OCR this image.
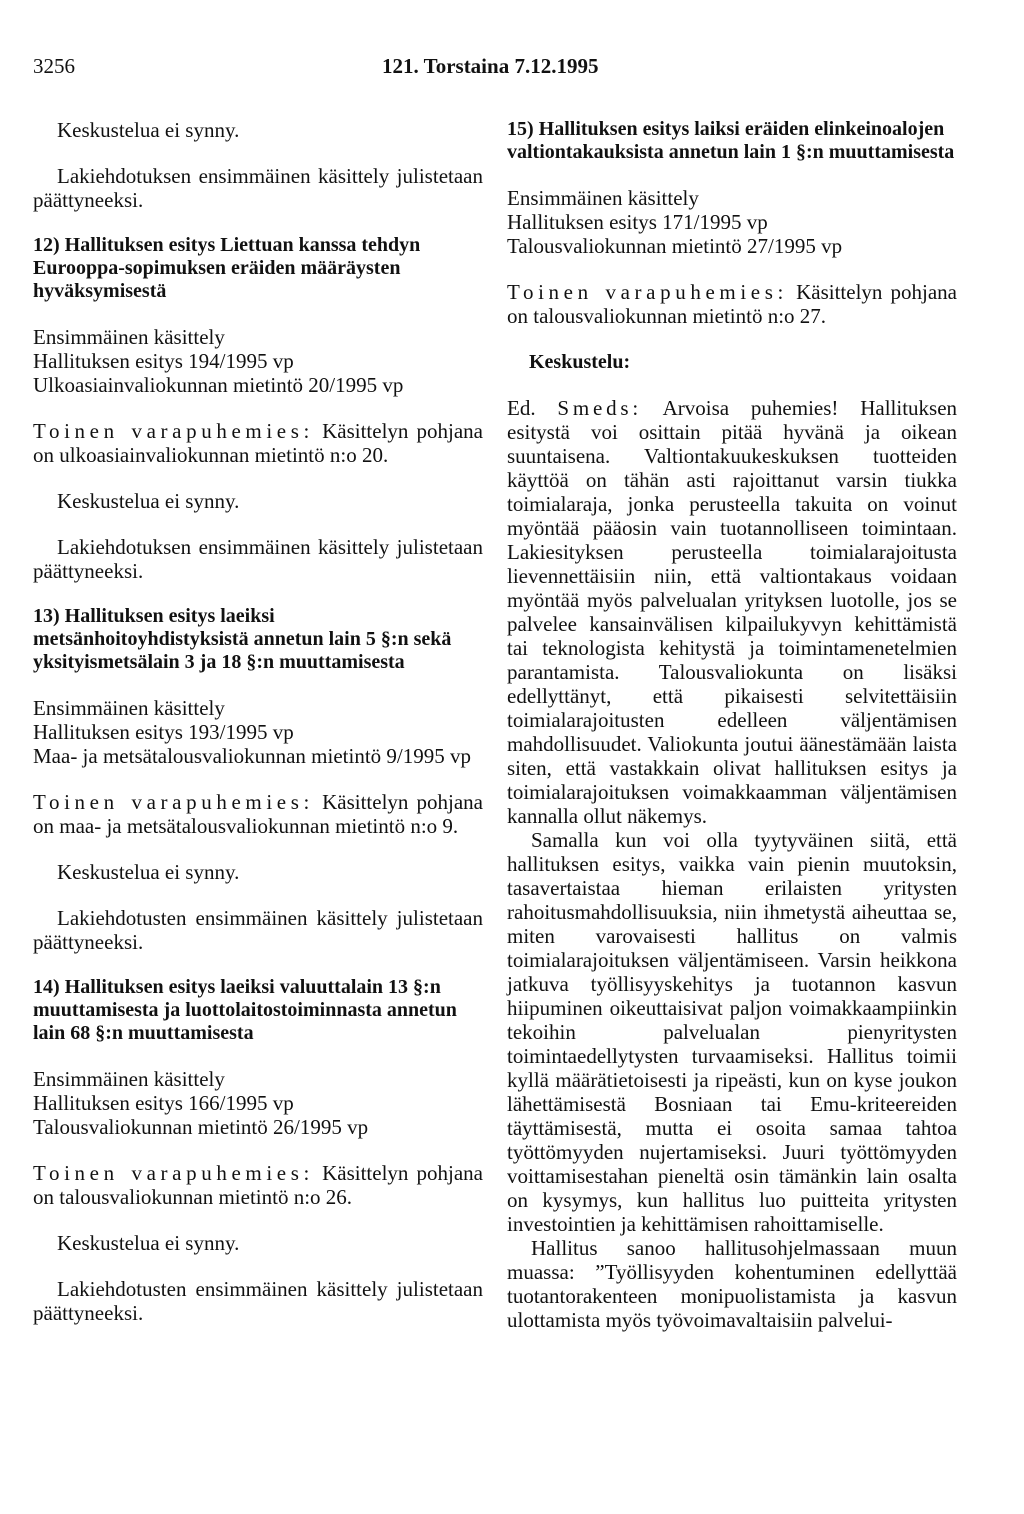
3256	121. Torstaina 7.12.1995
Keskustelua ei synny.
Lakiehdotuksen ensimmäinen käsittely julistetaan päättyneeksi.
12) Hallituksen esitys Liettuan kanssa tehdyn Eurooppa-sopimuksen eräiden määräysten hyväksymisestä
Ensimmäinen käsittely
Hallituksen esitys 194/1995 vp
Ulkoasiainvaliokunnan mietintö 20/1995 vp
Toinen varapuhemies: Käsittelyn pohjana on ulkoasiainvaliokunnan mietintö n:o 20.
Keskustelua ei synny.
Lakiehdotuksen ensimmäinen käsittely julistetaan päättyneeksi.
13) Hallituksen esitys laeiksi metsänhoitoyhdistyksistä annetun lain 5 §:n sekä yksityismetsälain 3 ja 18 §:n muuttamisesta
Ensimmäinen käsittely
Hallituksen esitys 193/1995 vp
Maa- ja metsätalousvaliokunnan mietintö 9/1995 vp
Toinen varapuhemies: Käsittelyn pohjana on maa- ja metsätalousvaliokunnan mietintö n:o 9.
Keskustelua ei synny.
Lakiehdotusten ensimmäinen käsittely julistetaan päättyneeksi.
14) Hallituksen esitys laeiksi valuuttalain 13 §:n muuttamisesta ja luottolaitostoiminnasta annetun lain 68 §:n muuttamisesta
Ensimmäinen käsittely
Hallituksen esitys 166/1995 vp
Talousvaliokunnan mietintö 26/1995 vp
Toinen varapuhemies: Käsittelyn pohjana on talousvaliokunnan mietintö n:o 26.
Keskustelua ei synny.
Lakiehdotusten ensimmäinen käsittely julistetaan päättyneeksi.
15) Hallituksen esitys laiksi eräiden elinkeinoalojen valtiontakauksista annetun lain 1 §:n muuttamisesta
Ensimmäinen käsittely
Hallituksen esitys 171/1995 vp
Talousvaliokunnan mietintö 27/1995 vp
Toinen varapuhemies: Käsittelyn pohjana on talousvaliokunnan mietintö n:o 27.
Keskustelu:

Ed. Smeds: Arvoisa puhemies! Hallituksen esitystä voi osittain pitää hyvänä ja oikean suuntaisena. Valtiontakuukeskuksen tuotteiden käyttöä on tähän asti rajoittanut varsin tiukka toimialaraja, jonka perusteella takuita on voinut myöntää pääosin vain tuotannolliseen toimintaan. Lakiesityksen perusteella toimialarajoitusta lievennettäisiin niin, että valtiontakaus voidaan myöntää myös palvelualan yrityksen luotolle, jos se palvelee kansainvälisen kilpailukyvyn kehittämistä tai teknologista kehitystä ja toimintamenetelmien parantamista. Talousvaliokunta on lisäksi edellyttänyt, että pikaisesti selvitettäisiin toimialarajoitusten edelleen väljentämisen mahdollisuudet. Valiokunta joutui äänestämään laista siten, että vastakkain olivat hallituksen esitys ja toimialarajoituksen voimakkaamman väljentämisen kannalla ollut näkemys.

Samalla kun voi olla tyytyväinen siitä, että hallituksen esitys, vaikka vain pienin muutoksin, tasavertaistaa hieman erilaisten yritysten rahoitusmahdollisuuksia, niin ihmetystä aiheuttaa se, miten varovaisesti hallitus on valmis toimialarajoituksen väljentämiseen. Varsin heikkona jatkuva työllisyyskehitys ja tuotannon kasvun hiipuminen oikeuttaisivat paljon voimakkaampiinkin tekoihin palvelualan pienyritysten toimintaedellytysten turvaamiseksi. Hallitus toimii kyllä määrätietoisesti ja ripeästi, kun on kyse joukon lähettämisestä Bosniaan tai Emu-kriteereiden täyttämisestä, mutta ei osoita samaa tahtoa työttömyyden nujertamiseksi. Juuri työttömyyden voittamisestahan pieneltä osin tämänkin lain osalta on kysymys, kun hallitus luo puitteita yritysten investointien ja kehittämisen rahoittamiselle.

Hallitus sanoo hallitusohjelmassaan muun muassa: ”Työllisyyden kohentuminen edellyttää tuotantorakenteen monipuolistamista ja kasvun ulottamista myös työvoimavaltaisiin palvelui-
